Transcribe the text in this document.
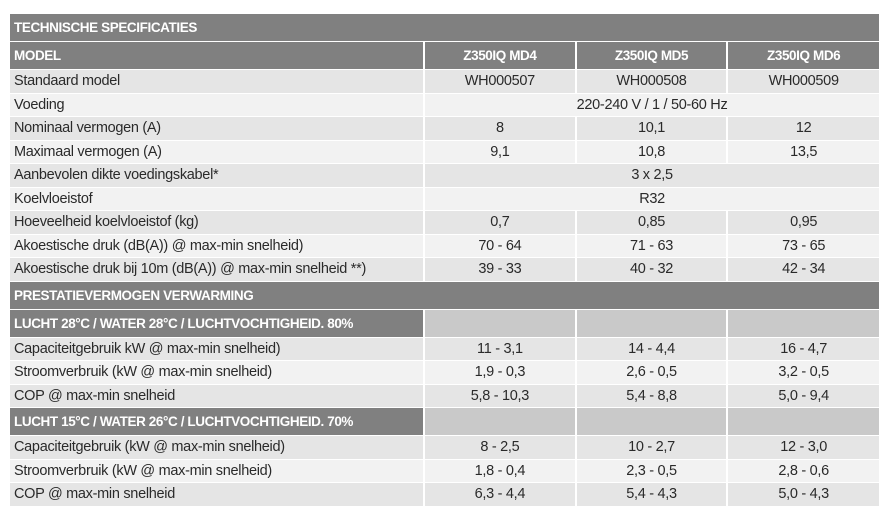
TECHNISCHE SPECIFICATIES			
MODEL	Z350IQ MD4	Z350IQ MD5	Z350IQ MD6
Standaard model	WH000507	WH000508	WH000509
Voeding	220-240 V / 1 / 50-60 Hz		
Nominaal vermogen (A)	8	10,1	12
Maximaal vermogen (A)	9,1	10,8	13,5
Aanbevolen dikte voedingskabel*	3 x 2,5		
Koelvloeistof	R32		
Hoeveelheid koelvloeistof (kg)	0,7	0,85	0,95
Akoestische druk (dB(A)) @ max-min snelheid)	70 - 64	71 - 63	73 - 65
Akoestische druk bij 10m (dB(A)) @ max-min snelheid **)	39 - 33	40 - 32	42 - 34
PRESTATIEVERMOGEN VERWARMING			
LUCHT 28°C / WATER 28°C / LUCHTVOCHTIGHEID. 80%			
Capaciteitgebruik kW @ max-min snelheid)	11 - 3,1	14 - 4,4	16 - 4,7
Stroomverbruik (kW @ max-min snelheid)	1,9 - 0,3	2,6 - 0,5	3,2 - 0,5
COP @ max-min snelheid	5,8 - 10,3	5,4 - 8,8	5,0 - 9,4
LUCHT 15°C / WATER 26°C / LUCHTVOCHTIGHEID. 70%			
Capaciteitgebruik (kW @ max-min snelheid)	8 - 2,5	10 - 2,7	12 - 3,0
Stroomverbruik (kW @ max-min snelheid)	1,8 - 0,4	2,3 - 0,5	2,8 - 0,6
COP @ max-min snelheid	6,3 - 4,4	5,4 - 4,3	5,0 - 4,3
